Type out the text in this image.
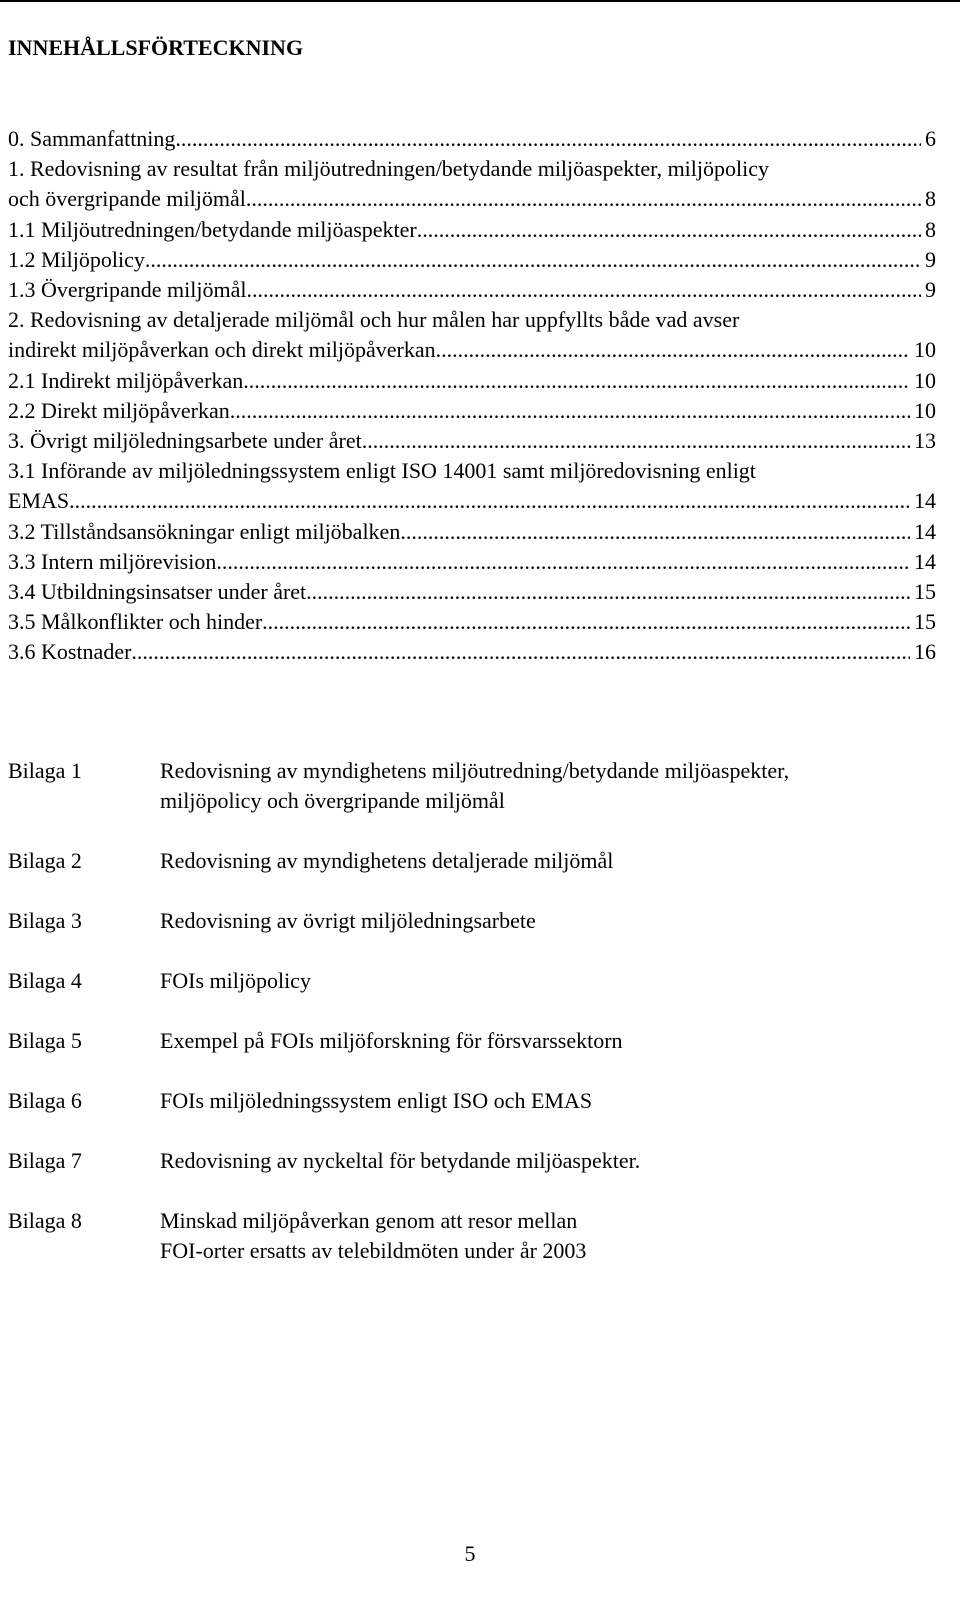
INNEHÅLLSFÖRTECKNING
0. Sammanfattning .....	6
1. Redovisning av resultat från miljöutredningen/betydande miljöaspekter, miljöpolicy
och övergripande miljömål .....	8
1.1 Miljöutredningen/betydande miljöaspekter .....	8
1.2 Miljöpolicy .....	9
1.3 Övergripande miljömål .....	9
2. Redovisning av detaljerade miljömål och hur målen har uppfyllts både vad avser
indirekt miljöpåverkan och direkt miljöpåverkan. .....	10
2.1 Indirekt miljöpåverkan .....	10
2.2 Direkt miljöpåverkan .....	10
3. Övrigt miljöledningsarbete under året .....	13
3.1 Införande av miljöledningssystem enligt ISO 14001 samt miljöredovisning enligt
EMAS. .....	14
3.2 Tillståndsansökningar enligt miljöbalken .....	14
3.3 Intern miljörevision .....	14
3.4 Utbildningsinsatser under året. .....	15
3.5 Målkonflikter och hinder .....	15
3.6 Kostnader .....	16
Bilaga 1	Redovisning av myndighetens miljöutredning/betydande miljöaspekter,
miljöpolicy och övergripande miljömål
Bilaga 2	Redovisning av myndighetens detaljerade miljömål
Bilaga 3	Redovisning av övrigt miljöledningsarbete
Bilaga 4	FOIs miljöpolicy
Bilaga 5	Exempel på FOIs miljöforskning för försvarssektorn
Bilaga 6	FOIs miljöledningssystem enligt ISO och EMAS
Bilaga 7	Redovisning av nyckeltal för betydande miljöaspekter.
Bilaga 8	Minskad miljöpåverkan genom att resor mellan
FOI-orter ersatts av telebildmöten under år 2003
5
